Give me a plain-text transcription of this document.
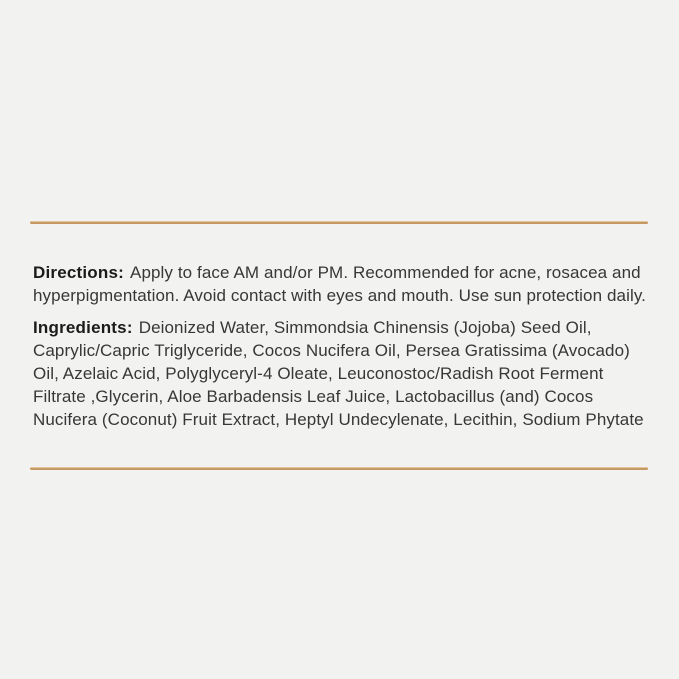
Directions: Apply to face AM and/or PM. Recommended for acne, rosacea and
hyperpigmentation. Avoid contact with eyes and mouth. Use sun protection daily.
Ingredients: Deionized Water, Simmondsia Chinensis (Jojoba) Seed Oil,
Caprylic/Capric Triglyceride, Cocos Nucifera Oil, Persea Gratissima (Avocado)
Oil, Azelaic Acid, Polyglyceryl-4 Oleate, Leuconostoc/Radish Root Ferment
Filtrate ,Glycerin, Aloe Barbadensis Leaf Juice, Lactobacillus (and) Cocos
Nucifera (Coconut) Fruit Extract, Heptyl Undecylenate, Lecithin, Sodium Phytate
